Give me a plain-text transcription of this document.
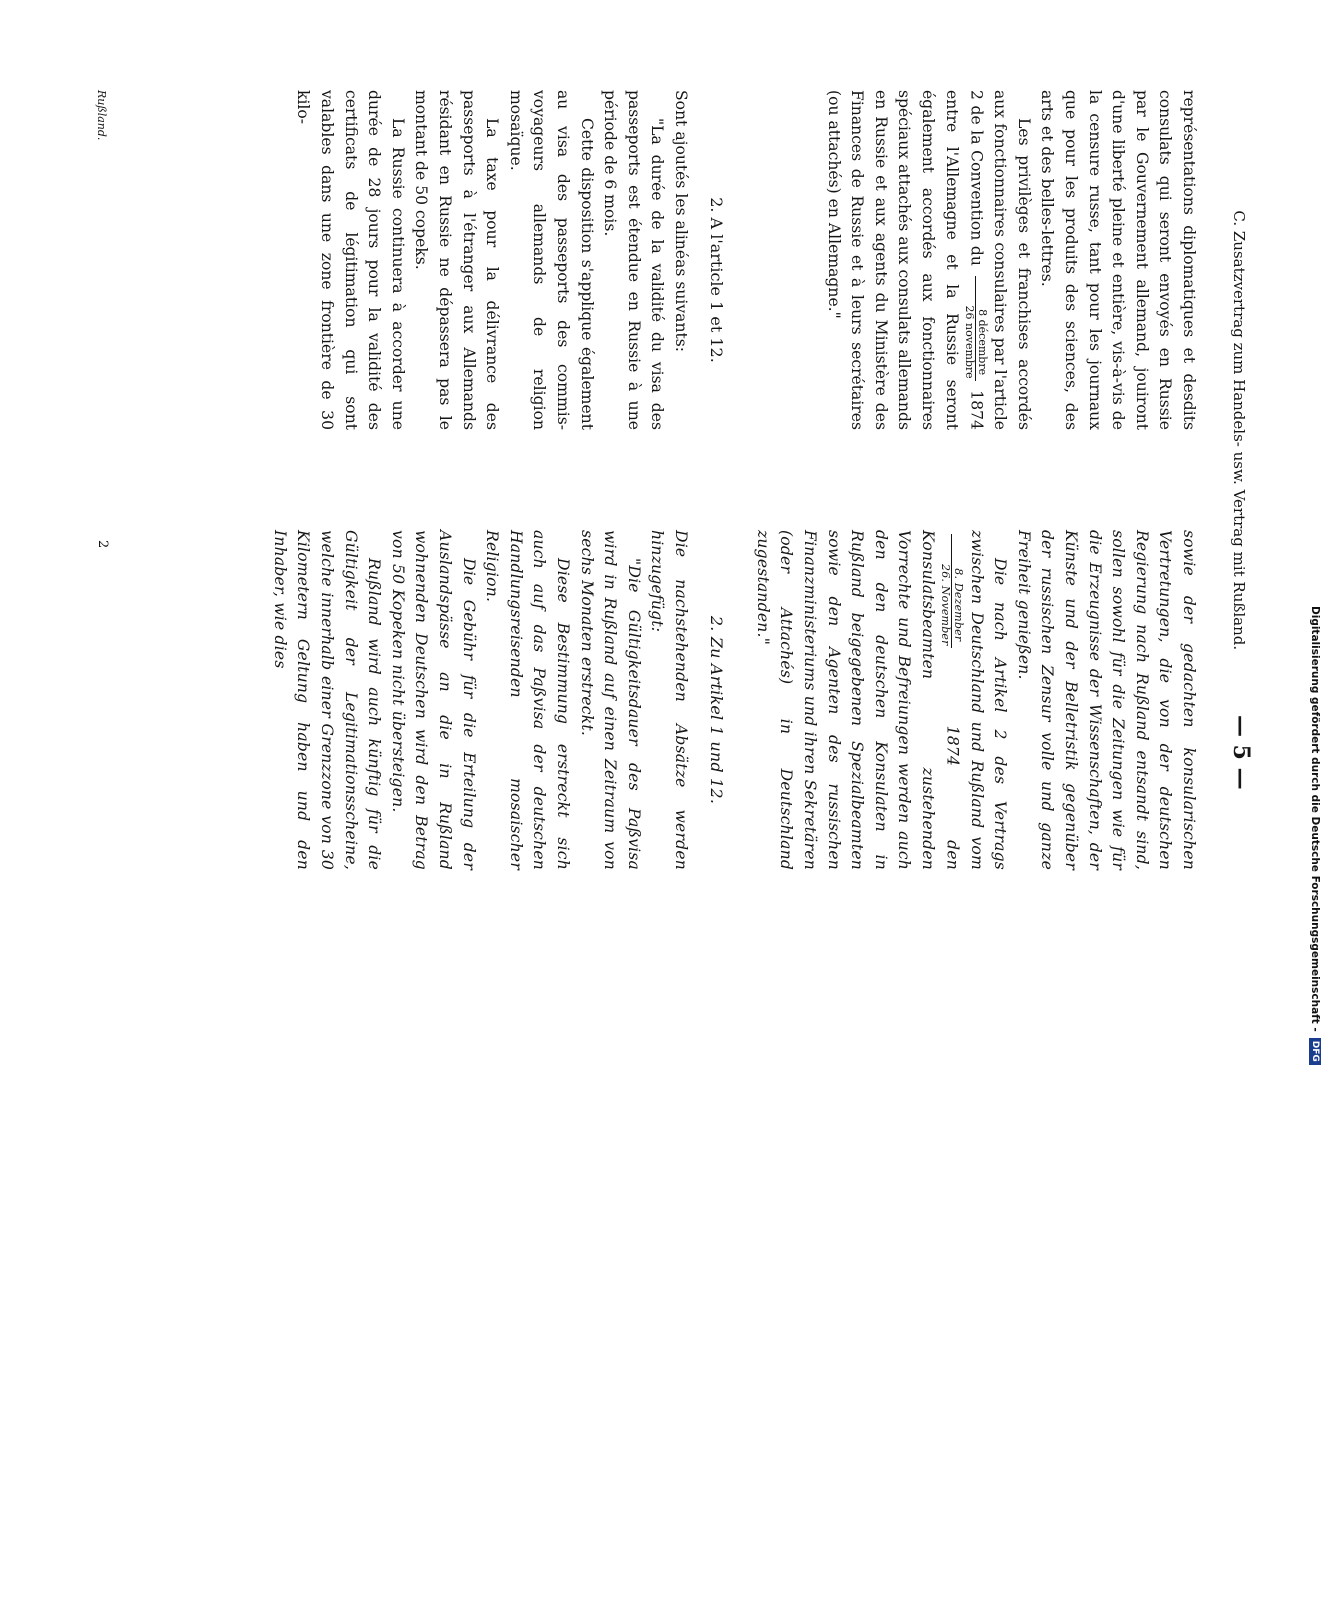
C. Zusatzvertrag zum Handels- usw. Vertrag mit Rußland. — 5 —

représentations diplomatiques et desdits consulats qui seront envoyés en Russie par le Gouvernement allemand, jouiront d'une liberté pleine et entière, vis-à-vis de la censure russe, tant pour les journaux que pour les produits des sciences, des arts et des belles-lettres.

Les privilèges et franchises accordés aux fonctionnaires consulaires par l'article 2 de la Convention du
8 décembre
26 novembre
1874 entre l'Allemagne et la Russie seront également accordés aux fonctionnaires spéciaux attachés aux consulats allemands en Russie et aux agents du Ministère des Finances de Russie et à leurs secrétaires (ou attachés) en Allemagne."

sowie der gedachten konsularischen Vertretungen, die von der deutschen Regierung nach Rußland entsandt sind, sollen sowohl für die Zeitungen wie für die Erzeugnisse der Wissenschaften, der Künste und der Belletristik gegenüber der russischen Zensur volle und ganze Freiheit genießen.

Die nach Artikel 2 des Vertrags zwischen Deutschland und Rußland vom
8. Dezember
26. November
1874 den Konsulatsbeamten zustehenden Vorrechte und Befreiungen werden auch den den deutschen Konsulaten in Rußland beigegebenen Spezialbeamten sowie den Agenten des russischen Finanzministeriums und ihren Sekretären (oder Attachés) in Deutschland zugestanden."

2. A l'article 1 et 12.

2. Zu Artikel 1 und 12.

Sont ajoutés les alinéas suivants:

"La durée de la validité du visa des passeports est étendue en Russie à une période de 6 mois.

Cette disposition s'applique également au visa des passeports des commis-voyageurs allemands de religion mosaïque.

La taxe pour la délivrance des passeports à l'étranger aux Allemands résidant en Russie ne dépassera pas le montant de 50 copeks.

La Russie continuera à accorder une durée de 28 jours pour la validité des certificats de légitimation qui sont valables dans une zone frontière de 30 kilo-

Die nachstehenden Absätze werden hinzugefügt:

"Die Gültigkeitsdauer des Paßvisa wird in Rußland auf einen Zeitraum von sechs Monaten erstreckt.

Diese Bestimmung erstreckt sich auch auf das Paßvisa der deutschen Handlungsreisenden mosaischer Religion.

Die Gebühr für die Erteilung der Auslandspässe an die in Rußland wohnenden Deutschen wird den Betrag von 50 Kopeken nicht übersteigen.

Rußland wird auch künftig für die Gültigkeit der Legitimationsscheine, welche innerhalb einer Grenzzone von 30 Kilometern Geltung haben und den Inhaber, wie dies

Rußland.
2
Digitalisierung gefördert durch die Deutsche Forschungsgemeinschaft -
DFG
